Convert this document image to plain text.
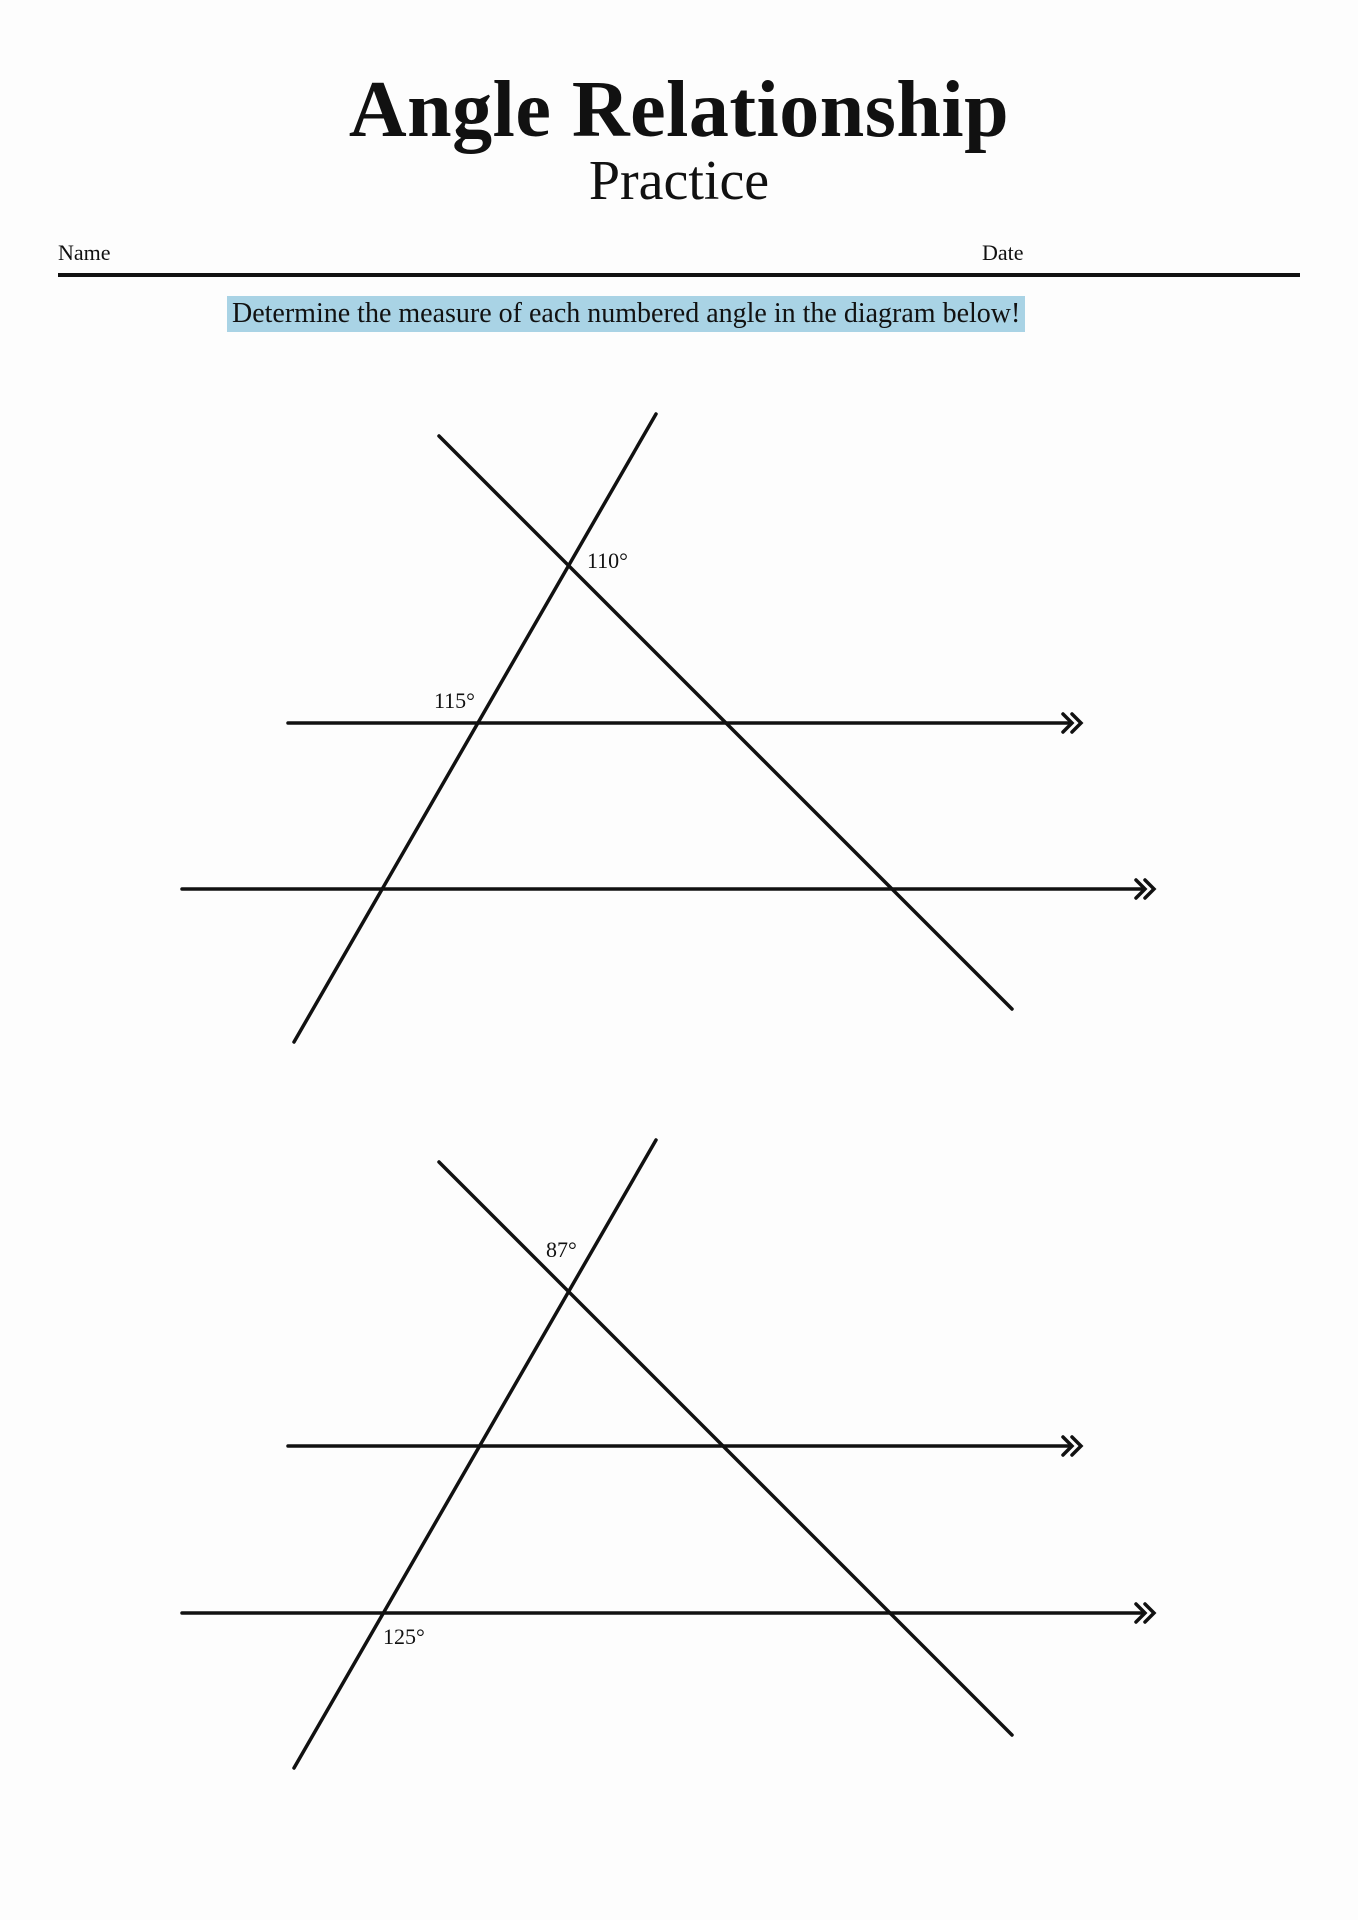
Angle Relationship
Practice
Name	Date
Determine the measure of each numbered angle in the diagram below!
110°
115°
87°
125°
